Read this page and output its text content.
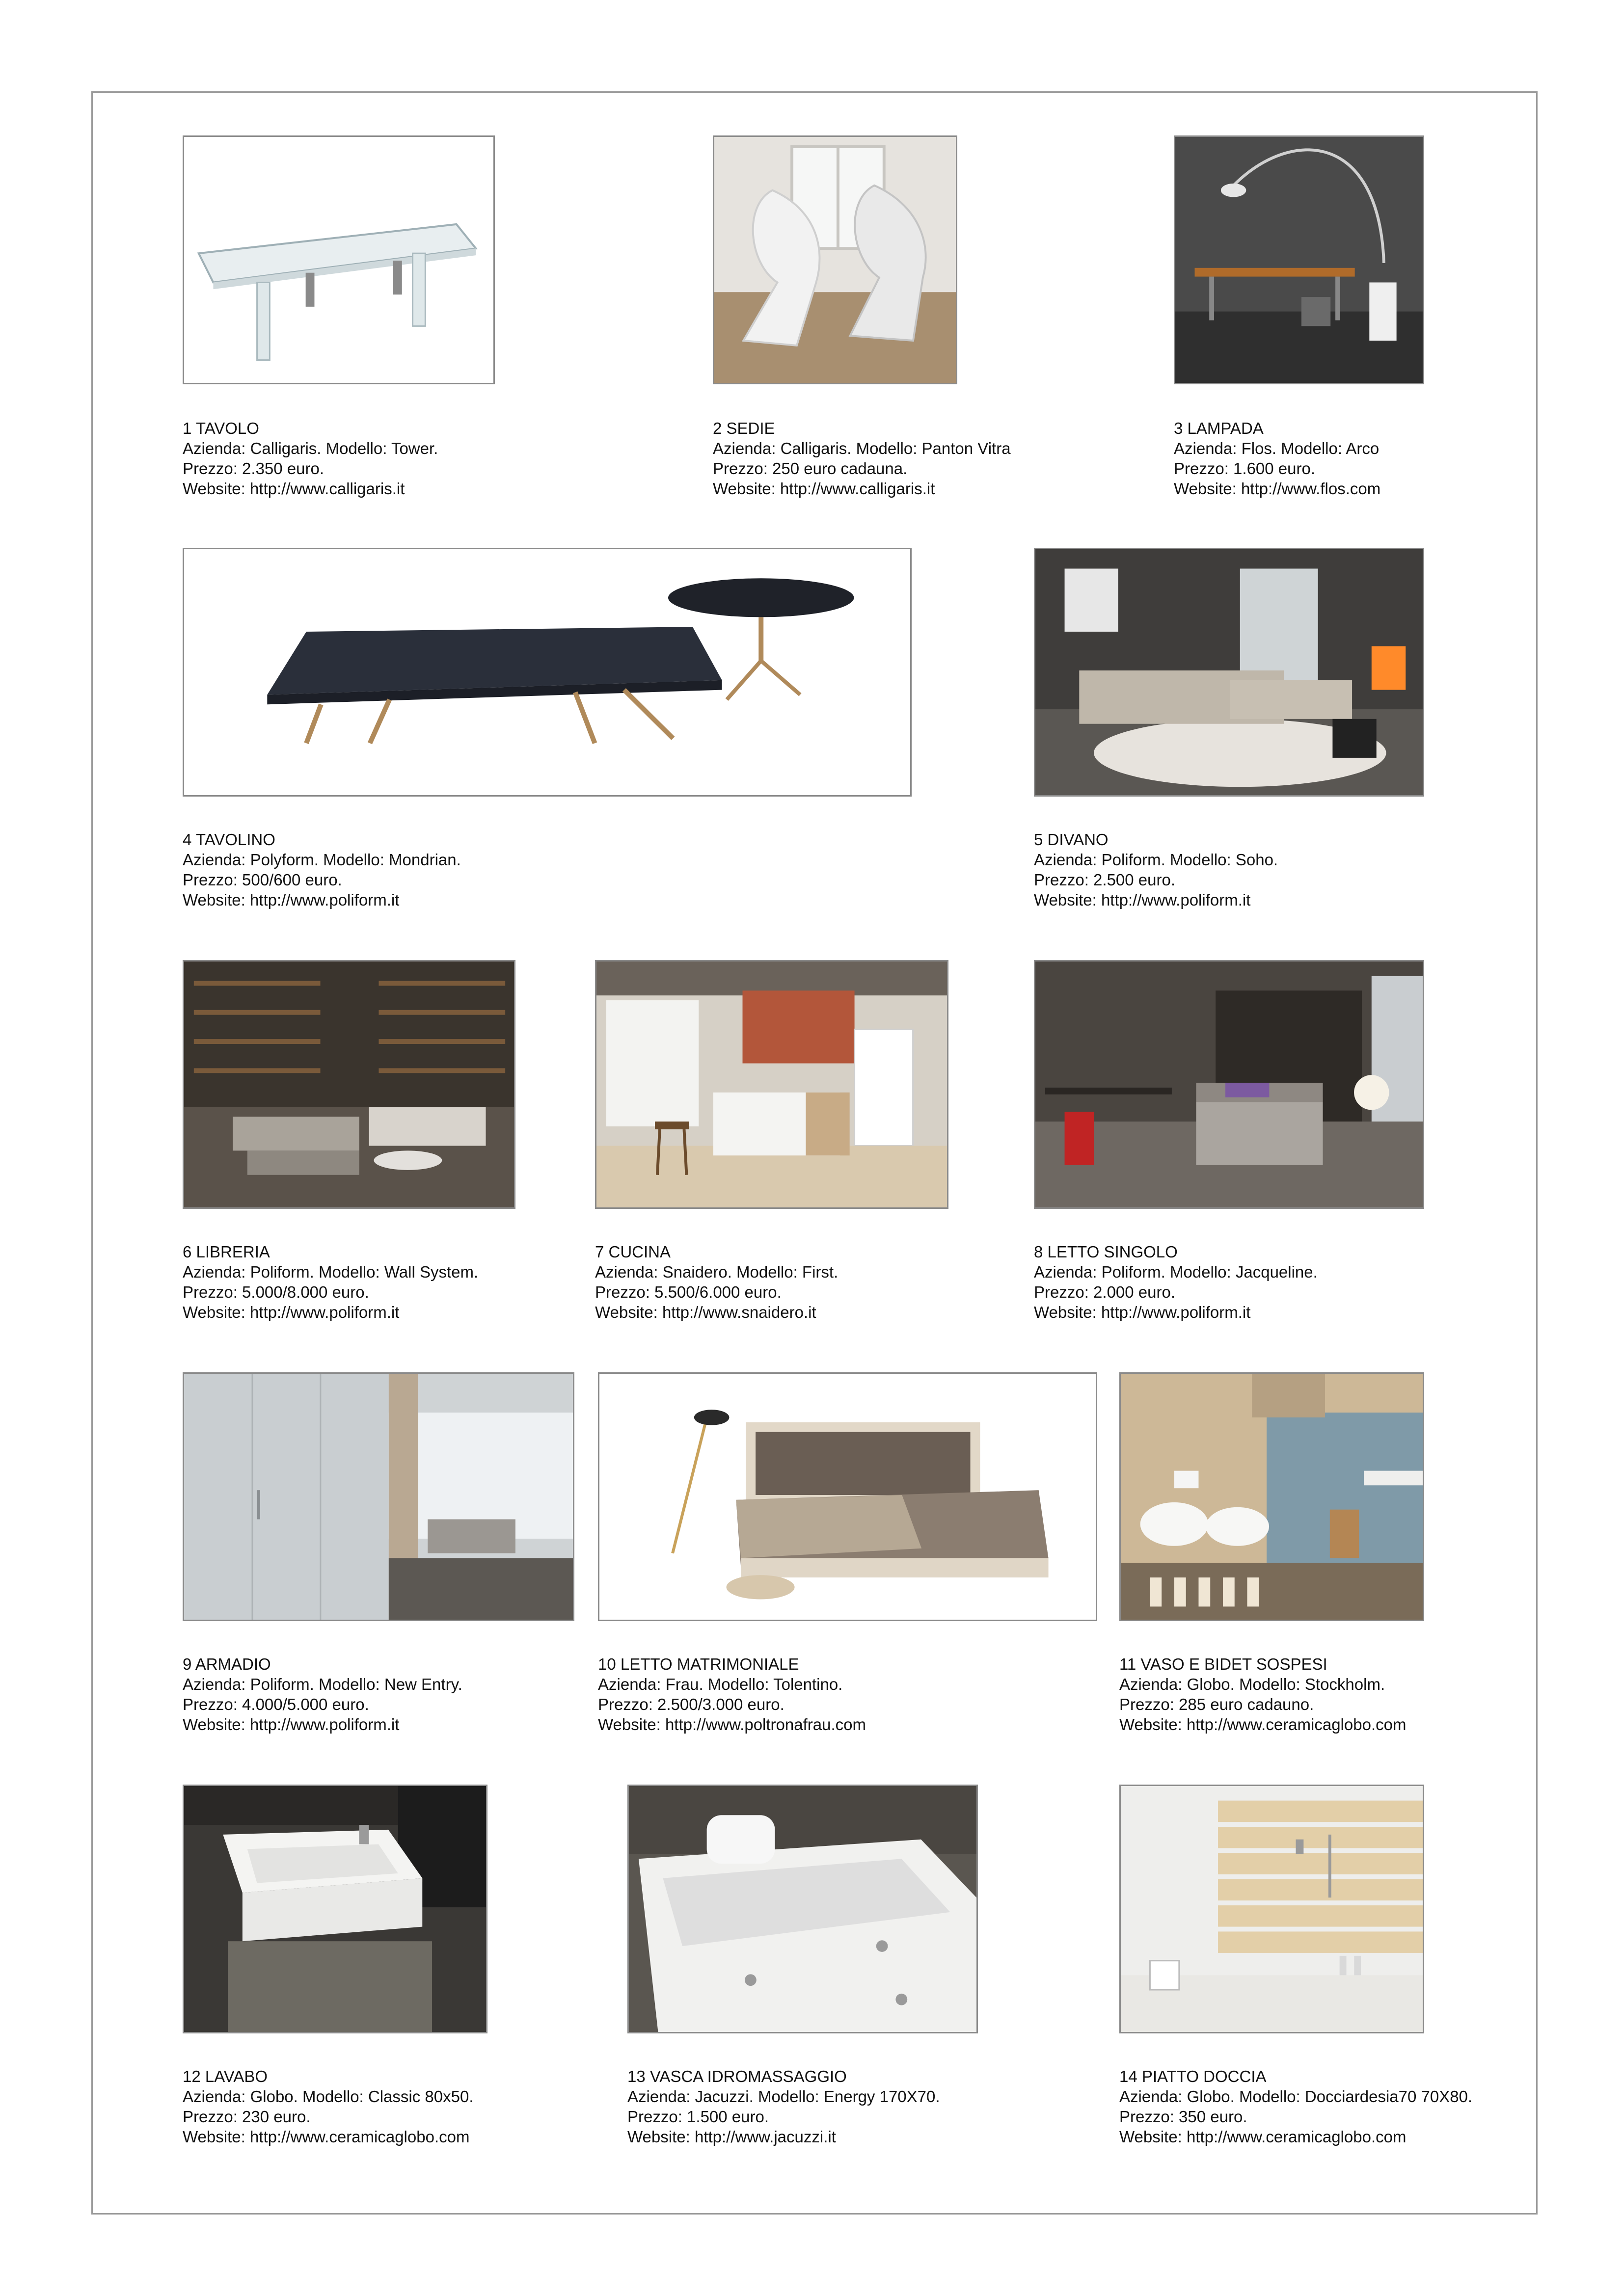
1 TAVOLO
Azienda: Calligaris. Modello: Tower.
Prezzo: 2.350 euro.
Website: http://www.calligaris.it
2 SEDIE
Azienda: Calligaris. Modello: Panton Vitra
Prezzo: 250 euro cadauna.
Website: http://www.calligaris.it
3 LAMPADA
Azienda: Flos. Modello: Arco
Prezzo: 1.600 euro.
Website: http://www.flos.com
4 TAVOLINO
Azienda: Polyform. Modello: Mondrian.
Prezzo: 500/600 euro.
Website: http://www.poliform.it
5 DIVANO
Azienda: Poliform. Modello: Soho.
Prezzo: 2.500 euro.
Website: http://www.poliform.it
6 LIBRERIA
Azienda: Poliform. Modello: Wall System.
Prezzo: 5.000/8.000 euro.
Website: http://www.poliform.it
7 CUCINA
Azienda: Snaidero. Modello: First.
Prezzo: 5.500/6.000 euro.
Website: http://www.snaidero.it
8 LETTO SINGOLO
Azienda: Poliform. Modello: Jacqueline.
Prezzo: 2.000 euro.
Website: http://www.poliform.it
9 ARMADIO
Azienda: Poliform. Modello: New Entry.
Prezzo: 4.000/5.000 euro.
Website: http://www.poliform.it
10 LETTO MATRIMONIALE
Azienda: Frau. Modello: Tolentino.
Prezzo: 2.500/3.000 euro.
Website: http://www.poltronafrau.com
11 VASO E BIDET SOSPESI
Azienda: Globo. Modello: Stockholm.
Prezzo: 285 euro cadauno.
Website: http://www.ceramicaglobo.com
12 LAVABO
Azienda: Globo. Modello: Classic 80x50.
Prezzo: 230 euro.
Website: http://www.ceramicaglobo.com
13 VASCA IDROMASSAGGIO
Azienda: Jacuzzi. Modello: Energy 170X70.
Prezzo: 1.500 euro.
Website: http://www.jacuzzi.it
14 PIATTO DOCCIA
Azienda: Globo. Modello: Docciardesia70 70X80.
Prezzo: 350 euro.
Website: http://www.ceramicaglobo.com
